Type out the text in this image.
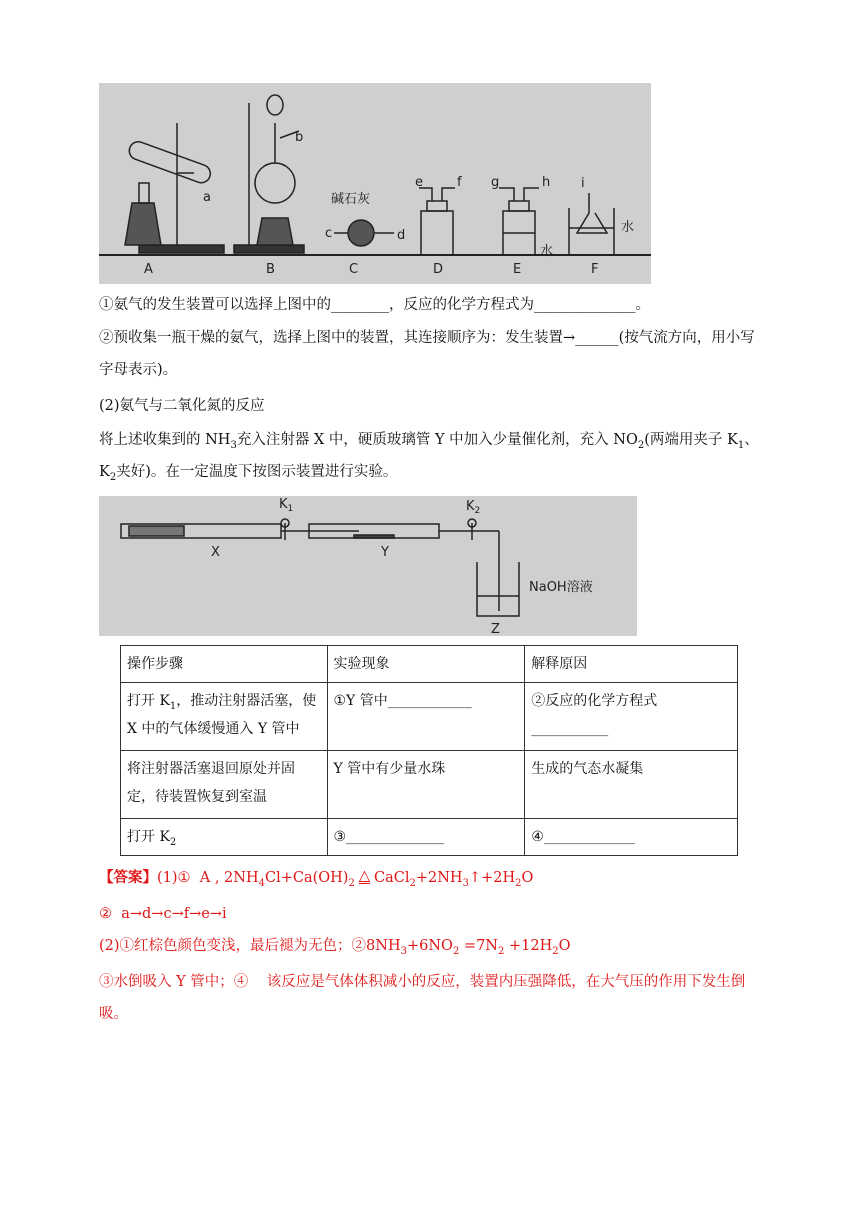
A
a
B
b
碱石灰
c	d
C
e	f
D
g	h
水
E
i
水
F
①氨气的发生装置可以选择上图中的________，反应的化学方程式为______________。
②预收集一瓶干燥的氨气，选择上图中的装置，其连接顺序为：发生装置→______(按气流方向，用小写字母表示)。
(2)氨气与二氧化氮的反应
将上述收集到的 $NH_3$充入注射器 X 中，硬质玻璃管 Y 中加入少量催化剂，充入 $NO_2$(两端用夹子 $K_1$、$K_2$夹好)。在一定温度下按图示装置进行实验。
X
$K_1$
Y
$K_2$
NaOH溶液
Z
操作步骤	实验现象	解释原因
打开 $K_1$，推动注射器活塞，使X 中的气体缓慢通入 Y 管中	①Y 管中____________	②反应的化学方程式___________
将注射器活塞退回原处并固定，待装置恢复到室温	Y 管中有少量水珠	生成的气态水凝集
打开 $K_2$	③______________	④_____________
【答案】(1)①  A , $2NH_4Cl+Ca(OH)_2$ △ $CaCl_2+2NH_3↑+2H_2O$
②  a→d→c→f→e→i
(2)①红棕色颜色变浅，最后褪为无色；$②8NH_3+6NO_2 =7N_2 +12H_2O$
③水倒吸入 Y 管中；④    该反应是气体体积减小的反应，装置内压强降低，在大气压的作用下发生倒吸。
